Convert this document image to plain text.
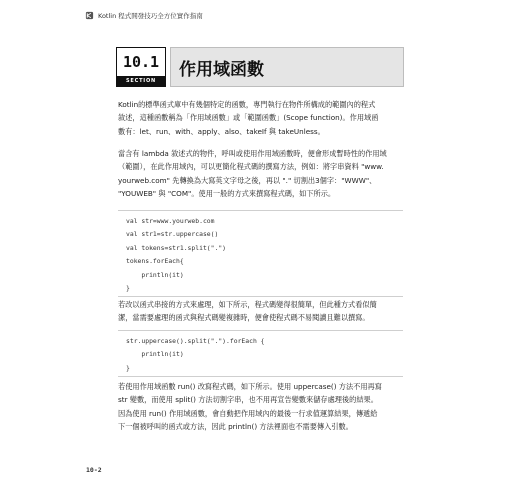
Kotlin 程式開發技巧全方位實作指南
10.1
SECTION
作用域函數
Kotlin的標準函式庫中有幾個特定的函數，專門執行在物件所構成的範圍內的程式
敘述，這種函數稱為「作用域函數」或「範圍函數」(Scope function)。作用域函
數有：let、run、with、apply、also、takeIf 與 takeUnless。
當含有 lambda 敘述式的物件，呼叫或使用作用域函數時，便會形成暫時性的作用域
（範圍），在此作用域內，可以更簡化程式碼的撰寫方法，例如：將字串資料 "www.
yourweb.com" 先轉換為大寫英文字母之後，再以 "." 切割出3個字："WWW"、
"YOUWEB" 與 "COM"。使用一般的方式來撰寫程式碼，如下所示。
val str=www.yourweb.com
val str1=str.uppercase()
val tokens=str1.split(".")
tokens.forEach{
println(it)
}
若改以函式串接的方式來處理，如下所示，程式碼變得很簡單，但此種方式看似簡
潔，當需要處理的函式與程式碼變複雜時，便會使程式碼不易閱讀且難以撰寫。
str.uppercase().split(".").forEach {
println(it)
}
若使用作用域函數 run() 改寫程式碼，如下所示。使用 uppercase() 方法不用再寫
str 變數，而使用 split() 方法切割字串，也不用再宣告變數來儲存處理後的結果。
因為使用 run() 作用域函數，會自動把作用域內的最後一行求值運算結果，傳遞給
下一個被呼叫的函式或方法，因此 println() 方法裡面也不需要傳入引數。
10-2
